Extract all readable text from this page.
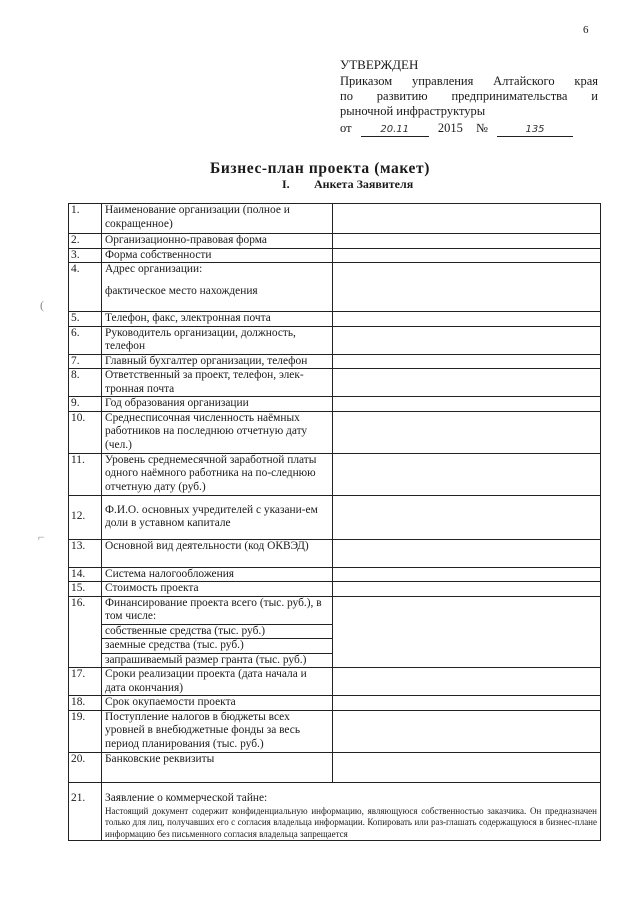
6
УТВЕРЖДЕН
Приказом управления Алтайского края
по развитию предпринимательства и
рыночной инфраструктуры
от	20.11 2015 №	135
Бизнес-план проекта (макет)
I. Анкета Заявителя
1.	Наименование организации (полное и сокращенное)	
2.	Организационно-правовая форма	
3.	Форма собственности	
4.	Адрес организации:
фактическое место нахождения	

5.	Телефон, факс, электронная почта	
6.	Руководитель организации, должность, телефон	
7.	Главный бухгалтер организации, телефон	
8.	Ответственный за проект, телефон, элек-тронная почта	
9.	Год образования организации	
10.	Среднесписочная численность наёмных работников на последнюю отчетную дату (чел.)	
11.	Уровень среднемесячной заработной платы одного наёмного работника на по-следнюю отчетную дату (руб.)	
12.	Ф.И.О. основных учредителей с указани-ем доли в уставном капитале	
13.	Основной вид деятельности (код ОКВЭД)	
14.	Система налогообложения	
15.	Стоимость проекта	
16.	Финансирование проекта всего (тыс. руб.), в том числе:
собственные средства (тыс. руб.)
заемные средства (тыс. руб.)
запрашиваемый размер гранта (тыс. руб.)	

17.	Сроки реализации проекта (дата начала и дата окончания)	
18.	Срок окупаемости проекта	
19.	Поступление налогов в бюджеты всех уровней в внебюджетные фонды за весь период планирования (тыс. руб.)	
20.	Банковские реквизиты	

21.	Заявление о коммерческой тайне:
Настоящий документ содержит конфиденциальную информацию, являющуюся собственностью заказчика. Он предназначен только для лиц, получавших его с согласия владельца информации. Копировать или раз-глашать содержащуюся в бизнес-плане информацию без письменного согласия владельца запрещается	
(
⌐
